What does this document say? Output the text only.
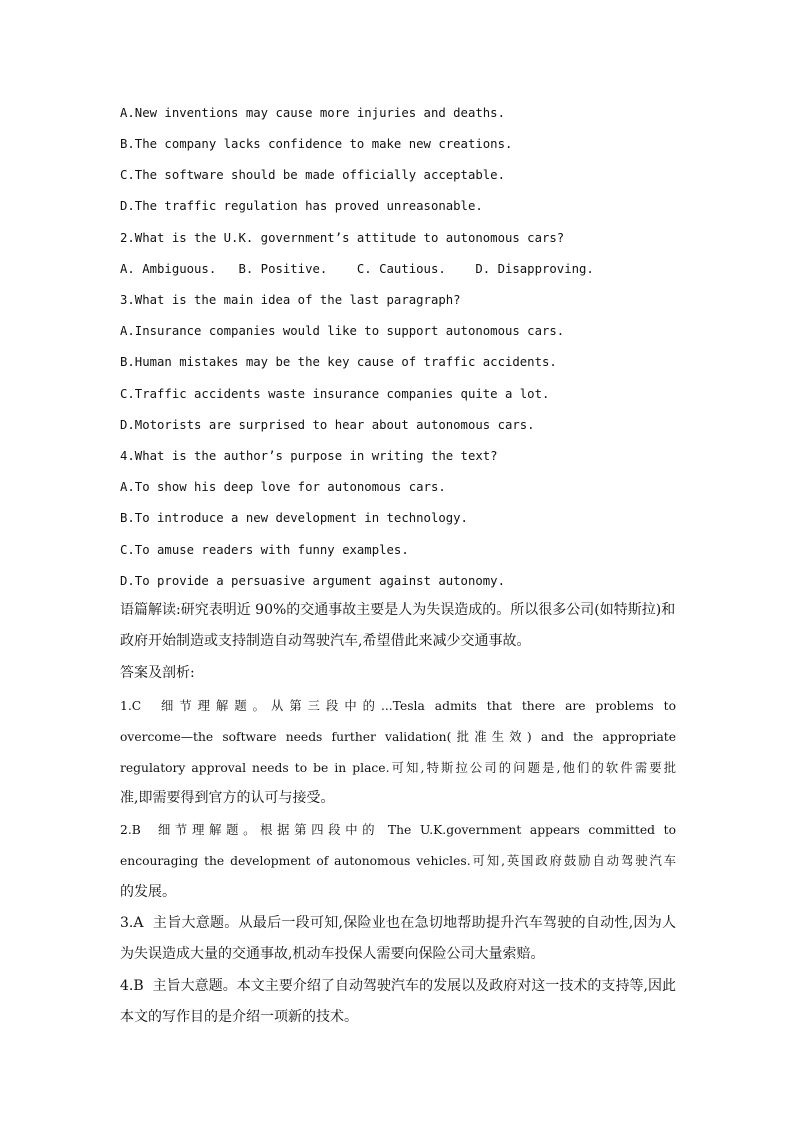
A.New inventions may cause more injuries and deaths.
B.The company lacks confidence to make new creations.
C.The software should be made officially acceptable.
D.The traffic regulation has proved unreasonable.
2.What is the U.K. government’s attitude to autonomous cars?
A. Ambiguous.   B. Positive.    C. Cautious.    D. Disapproving.
3.What is the main idea of the last paragraph?
A.Insurance companies would like to support autonomous cars.
B.Human mistakes may be the key cause of traffic accidents.
C.Traffic accidents waste insurance companies quite a lot.
D.Motorists are surprised to hear about autonomous cars.
4.What is the author’s purpose in writing the text?
A.To show his deep love for autonomous cars.
B.To introduce a new development in technology.
C.To amuse readers with funny examples.
D.To provide a persuasive argument against autonomy.
语篇解读:研究表明近 90%的交通事故主要是人为失误造成的。所以很多公司(如特斯拉)和
政府开始制造或支持制造自动驾驶汽车,希望借此来减少交通事故。
答案及剖析:
1.C  细节理解题。从第三段中的...Tesla admits that there are problems to
overcome—the software needs further validation(批准生效) and the appropriate
regulatory approval needs to be in place.可知,特斯拉公司的问题是,他们的软件需要批
准,即需要得到官方的认可与接受。
2.B  细节理解题。根据第四段中的 The U.K.government appears committed to
encouraging the development of autonomous vehicles.可知,英国政府鼓励自动驾驶汽车
的发展。
3.A  主旨大意题。从最后一段可知,保险业也在急切地帮助提升汽车驾驶的自动性,因为人
为失误造成大量的交通事故,机动车投保人需要向保险公司大量索赔。
4.B  主旨大意题。本文主要介绍了自动驾驶汽车的发展以及政府对这一技术的支持等,因此
本文的写作目的是介绍一项新的技术。
